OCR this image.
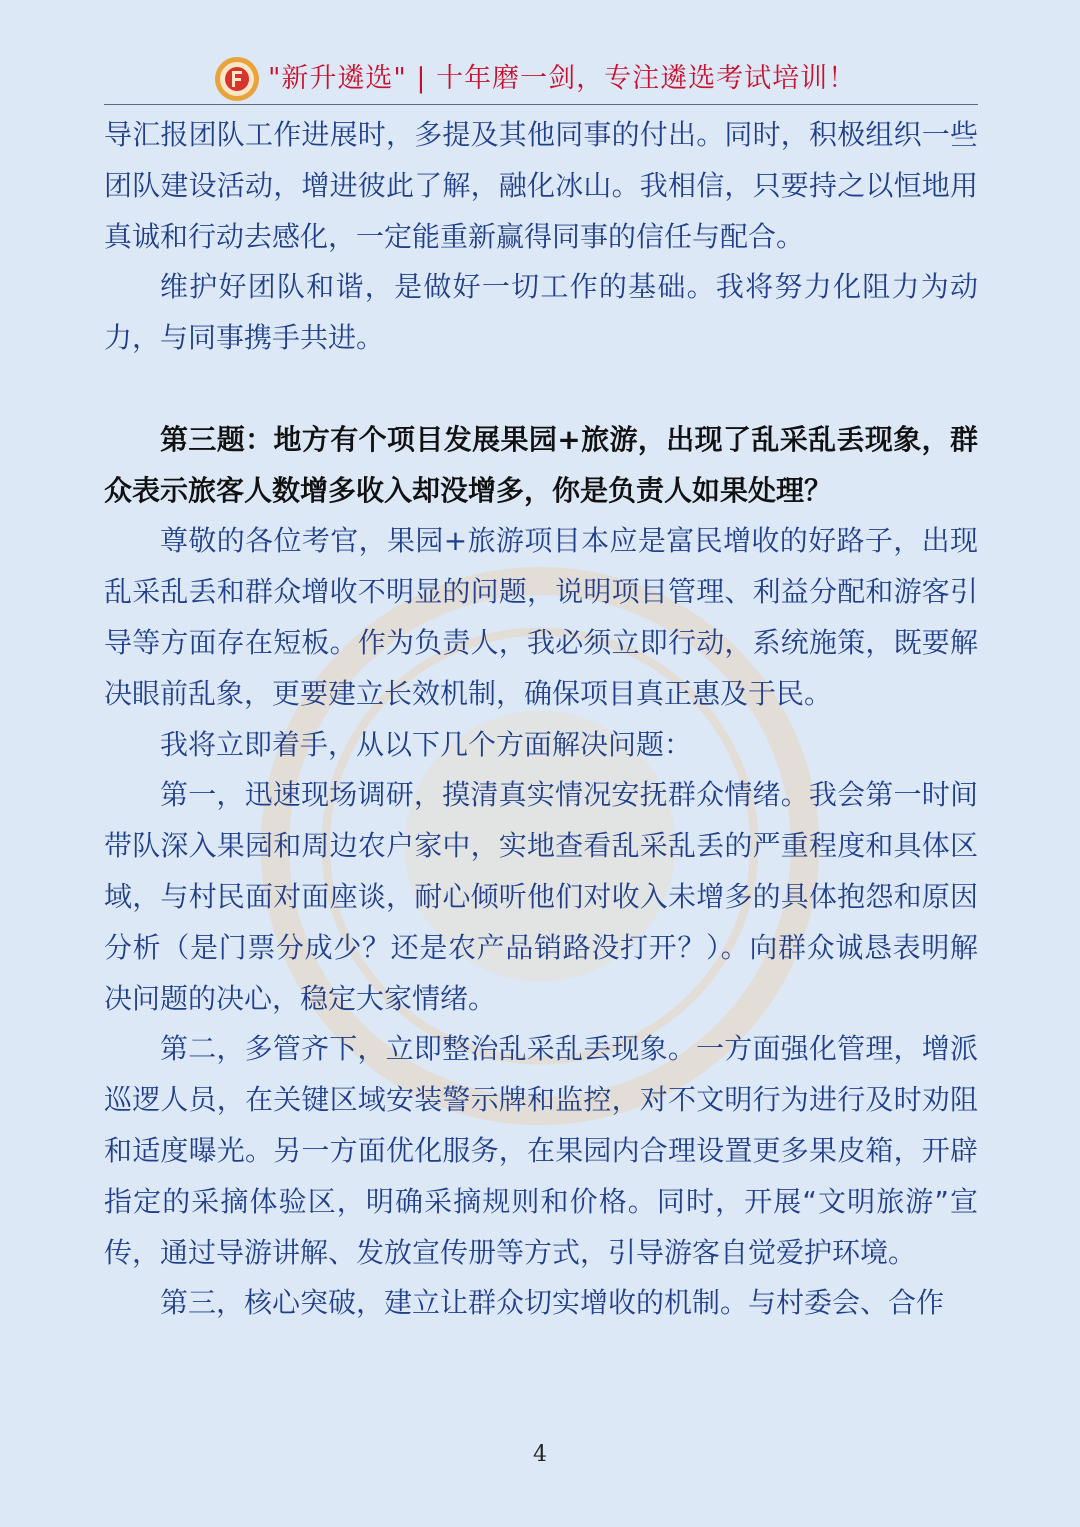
"新升遴选" | 十年磨一剑，专注遴选考试培训！

导汇报团队工作进展时，多提及其他同事的付出。同时，积极组织一些团队建设活动，增进彼此了解，融化冰山。我相信，只要持之以恒地用真诚和行动去感化，一定能重新赢得同事的信任与配合。

维护好团队和谐，是做好一切工作的基础。我将努力化阻力为动力，与同事携手共进。

第三题：地方有个项目发展果园+旅游，出现了乱采乱丢现象，群众表示旅客人数增多收入却没增多，你是负责人如果处理？

尊敬的各位考官，果园+旅游项目本应是富民增收的好路子，出现乱采乱丢和群众增收不明显的问题，说明项目管理、利益分配和游客引导等方面存在短板。作为负责人，我必须立即行动，系统施策，既要解决眼前乱象，更要建立长效机制，确保项目真正惠及于民。

我将立即着手，从以下几个方面解决问题：

第一，迅速现场调研，摸清真实情况安抚群众情绪。我会第一时间带队深入果园和周边农户家中，实地查看乱采乱丢的严重程度和具体区域，与村民面对面座谈，耐心倾听他们对收入未增多的具体抱怨和原因分析（是门票分成少？还是农产品销路没打开？）。向群众诚恳表明解决问题的决心，稳定大家情绪。

第二，多管齐下，立即整治乱采乱丢现象。一方面强化管理，增派巡逻人员，在关键区域安装警示牌和监控，对不文明行为进行及时劝阻和适度曝光。另一方面优化服务，在果园内合理设置更多果皮箱，开辟指定的采摘体验区，明确采摘规则和价格。同时，开展“文明旅游”宣传，通过导游讲解、发放宣传册等方式，引导游客自觉爱护环境。

第三，核心突破，建立让群众切实增收的机制。与村委会、合作

4
